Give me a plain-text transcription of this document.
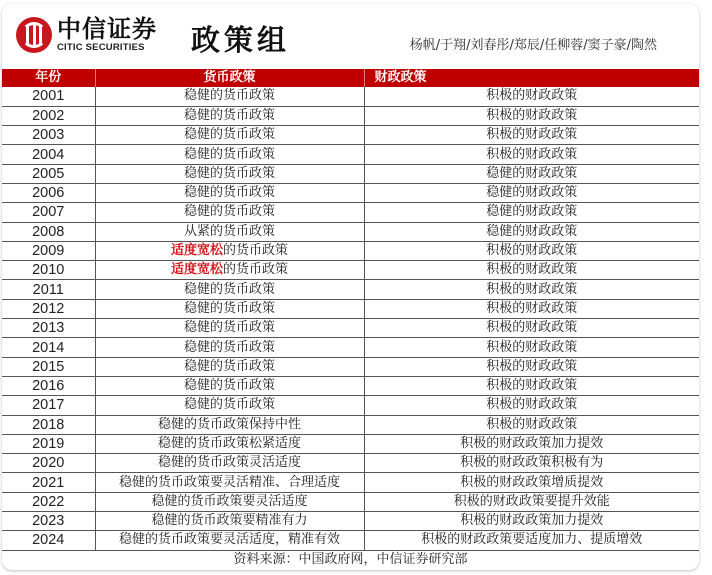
中信证券
CITIC SECURITIES	政策组	杨帆/于翔/刘春彤/郑辰/任柳蓉/窦子豪/陶然
年份	货币政策	财政政策
2001	稳健的货币政策	积极的财政政策
2002	稳健的货币政策	积极的财政政策
2003	稳健的货币政策	积极的财政政策
2004	稳健的货币政策	积极的财政政策
2005	稳健的货币政策	稳健的财政政策
2006	稳健的货币政策	稳健的财政政策
2007	稳健的货币政策	稳健的财政政策
2008	从紧的货币政策	稳健的财政政策
2009	适度宽松的货币政策	积极的财政政策
2010	适度宽松的货币政策	积极的财政政策
2011	稳健的货币政策	积极的财政政策
2012	稳健的货币政策	积极的财政政策
2013	稳健的货币政策	积极的财政政策
2014	稳健的货币政策	积极的财政政策
2015	稳健的货币政策	积极的财政政策
2016	稳健的货币政策	积极的财政政策
2017	稳健的货币政策	积极的财政政策
2018	稳健的货币政策保持中性	积极的财政政策
2019	稳健的货币政策松紧适度	积极的财政政策加力提效
2020	稳健的货币政策灵活适度	积极的财政政策积极有为
2021	稳健的货币政策要灵活精准、合理适度	积极的财政政策增质提效
2022	稳健的货币政策要灵活适度	积极的财政政策要提升效能
2023	稳健的货币政策要精准有力	积极的财政政策加力提效
2024	稳健的货币政策要灵活适度，精准有效	积极的财政政策要适度加力、提质增效
资料来源：中国政府网，中信证券研究部		
